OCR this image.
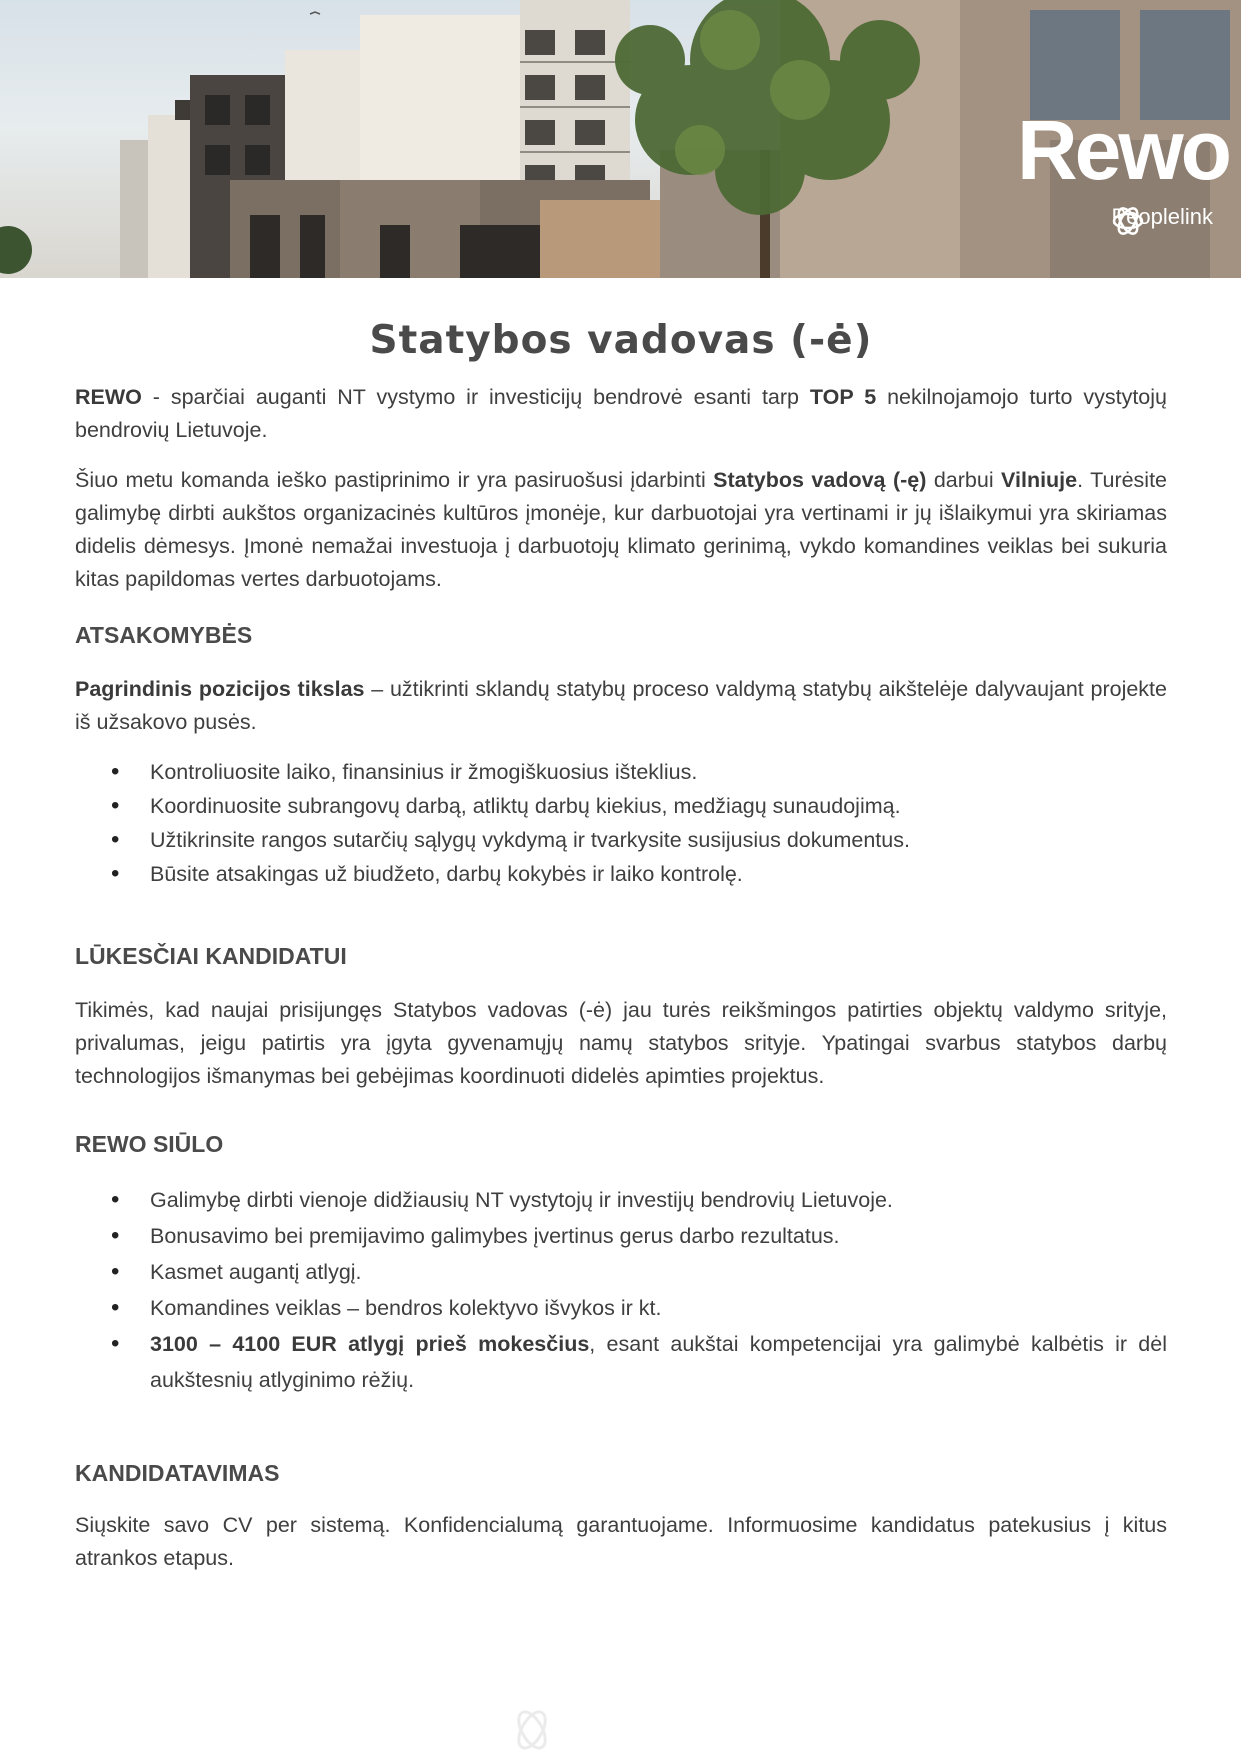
Rewo
Peoplelink
Statybos vadovas (-ė)

REWO - sparčiai auganti NT vystymo ir investicijų bendrovė esanti tarp TOP 5 nekilnojamojo turto vystytojų bendrovių Lietuvoje.

Šiuo metu komanda ieško pastiprinimo ir yra pasiruošusi įdarbinti Statybos vadovą (-ę) darbui Vilniuje. Turėsite galimybę dirbti aukštos organizacinės kultūros įmonėje, kur darbuotojai yra vertinami ir jų išlaikymui yra skiriamas didelis dėmesys. Įmonė nemažai investuoja į darbuotojų klimato gerinimą, vykdo komandines veiklas bei sukuria kitas papildomas vertes darbuotojams.

ATSAKOMYBĖS

Pagrindinis pozicijos tikslas – užtikrinti sklandų statybų proceso valdymą statybų aikštelėje dalyvaujant projekte iš užsakovo pusės.

• Kontroliuosite laiko, finansinius ir žmogiškuosius išteklius.
• Koordinuosite subrangovų darbą, atliktų darbų kiekius, medžiagų sunaudojimą.
• Užtikrinsite rangos sutarčių sąlygų vykdymą ir tvarkysite susijusius dokumentus.
• Būsite atsakingas už biudžeto, darbų kokybės ir laiko kontrolę.
LŪKESČIAI KANDIDATUI

Tikimės, kad naujai prisijungęs Statybos vadovas (-ė) jau turės reikšmingos patirties objektų valdymo srityje, privalumas, jeigu patirtis yra įgyta gyvenamųjų namų statybos srityje. Ypatingai svarbus statybos darbų technologijos išmanymas bei gebėjimas koordinuoti didelės apimties projektus.

REWO SIŪLO
• Galimybę dirbti vienoje didžiausių NT vystytojų ir investijų bendrovių Lietuvoje.
• Bonusavimo bei premijavimo galimybes įvertinus gerus darbo rezultatus.
• Kasmet augantį atlygį.
• Komandines veiklas – bendros kolektyvo išvykos ir kt.
• 3100 – 4100 EUR atlygį prieš mokesčius, esant aukštai kompetencijai yra galimybė kalbėtis ir dėl aukštesnių atlyginimo rėžių.
KANDIDATAVIMAS

Siųskite savo CV per sistemą. Konfidencialumą garantuojame. Informuosime kandidatus patekusius į kitus atrankos etapus.
